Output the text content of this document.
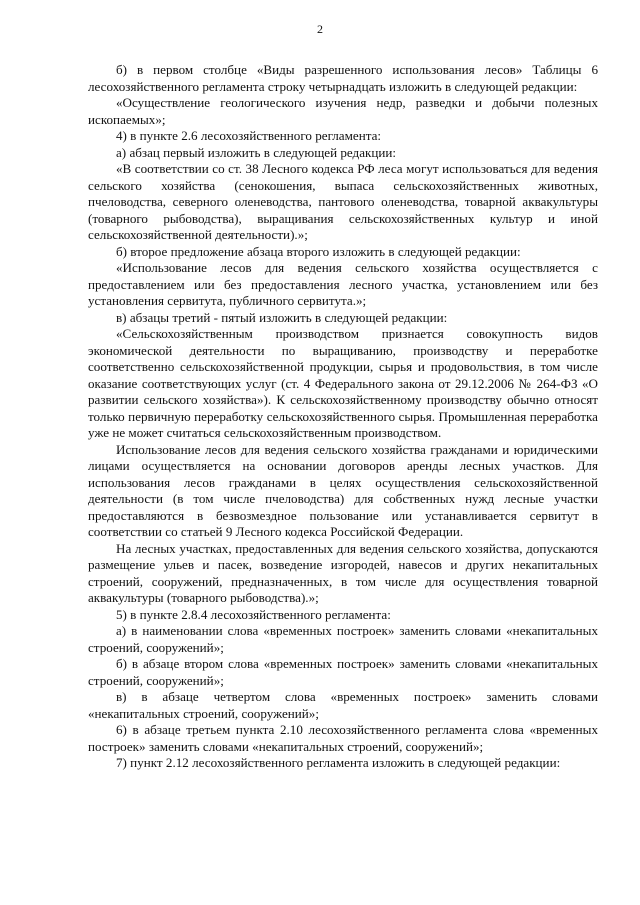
2

б) в первом столбце «Виды разрешенного использования лесов» Таблицы 6 лесохозяйственного регламента строку четырнадцать изложить в следующей редакции:

«Осуществление геологического изучения недр, разведки и добычи полезных ископаемых»;

4) в пункте 2.6 лесохозяйственного регламента:

а) абзац первый изложить в следующей редакции:

«В соответствии со ст. 38 Лесного кодекса РФ леса могут использоваться для ведения сельского хозяйства (сенокошения, выпаса сельскохозяйственных животных, пчеловодства, северного оленеводства, пантового оленеводства, товарной аквакультуры (товарного рыбоводства), выращивания сельскохозяйственных культур и иной сельскохозяйственной деятельности).»;

б) второе предложение абзаца второго изложить в следующей редакции:

«Использование лесов для ведения сельского хозяйства осуществляется с предоставлением или без предоставления лесного участка, установлением или без установления сервитута, публичного сервитута.»;

в) абзацы третий - пятый изложить в следующей редакции:

«Сельскохозяйственным производством признается совокупность видов экономической деятельности по выращиванию, производству и переработке соответственно сельскохозяйственной продукции, сырья и продовольствия, в том числе оказание соответствующих услуг (ст. 4 Федерального закона от 29.12.2006 № 264-ФЗ «О развитии сельского хозяйства»). К сельскохозяйственному производству обычно относят только первичную переработку сельскохозяйственного сырья. Промышленная переработка уже не может считаться сельскохозяйственным производством.

Использование лесов для ведения сельского хозяйства гражданами и юридическими лицами осуществляется на основании договоров аренды лесных участков. Для использования лесов гражданами в целях осуществления сельскохозяйственной деятельности (в том числе пчеловодства) для собственных нужд лесные участки предоставляются в безвозмездное пользование или устанавливается сервитут в соответствии со статьей 9 Лесного кодекса Российской Федерации.

На лесных участках, предоставленных для ведения сельского хозяйства, допускаются размещение ульев и пасек, возведение изгородей, навесов и других некапитальных строений, сооружений, предназначенных, в том числе для осуществления товарной аквакультуры (товарного рыбоводства).»;

5) в пункте 2.8.4 лесохозяйственного регламента:

а) в наименовании слова «временных построек» заменить словами «некапитальных строений, сооружений»;

б) в абзаце втором слова «временных построек» заменить словами «некапитальных строений, сооружений»;

в) в абзаце четвертом слова «временных построек» заменить словами «некапитальных строений, сооружений»;

6) в абзаце третьем пункта 2.10 лесохозяйственного регламента слова «временных построек» заменить словами «некапитальных строений, сооружений»;

7) пункт 2.12 лесохозяйственного регламента изложить в следующей редакции:
